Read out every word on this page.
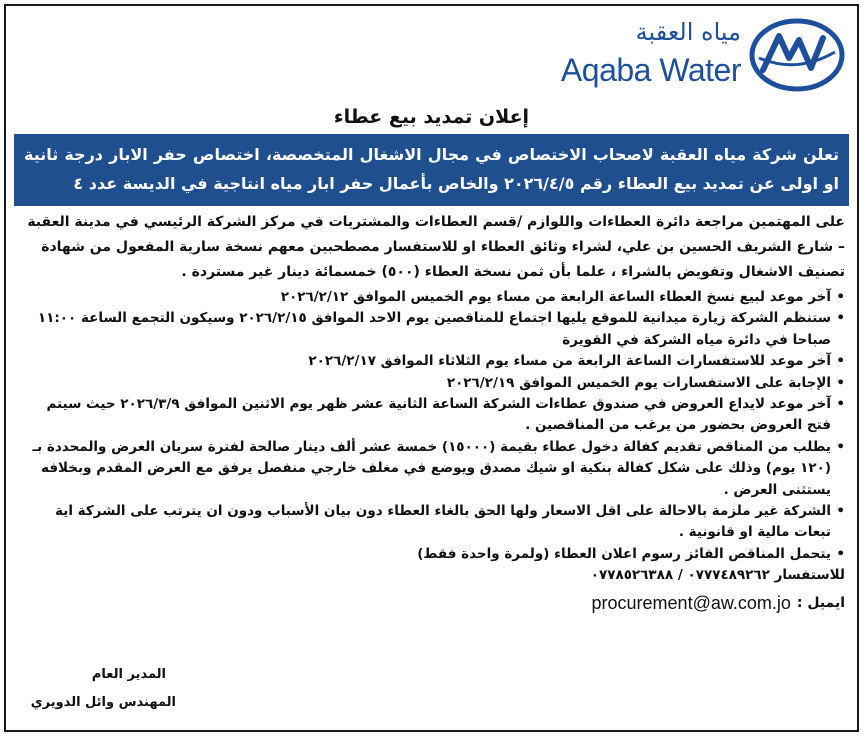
مياه العقبة
Aqaba Water
إعلان تمديد بيع عطاء
تعلن شركة مياه العقبة لاصحاب الاختصاص في مجال الاشغال المتخصصة، اختصاص حفر الابار درجة ثانية او اولى عن تمديد بيع العطاء رقم ٢٠٢٦/٤/٥ والخاص بأعمال حفر ابار مياه انتاجية في الديسة عدد ٤
على المهتمين مراجعة دائرة العطاءات واللوازم /قسم العطاءات والمشتريات في مركز الشركة الرئيسي في مدينة العقبة – شارع الشريف الحسين بن علي، لشراء وثائق العطاء او للاستفسار مصطحبين معهم نسخة سارية المفعول من شهادة تصنيف الاشغال وتفويض بالشراء ، علما بأن ثمن نسخة العطاء (٥٠٠) خمسمائة دينار غير مستردة .
• آخر موعد لبيع نسخ العطاء الساعة الرابعة من مساء يوم الخميس الموافق ٢٠٢٦/٢/١٢
• ستنظم الشركة زيارة ميدانية للموقع يليها اجتماع للمناقصين يوم الاحد الموافق ٢٠٢٦/٢/١٥ وسيكون التجمع الساعة ١١:٠٠ صباحا في دائرة مياه الشركة في القويرة
• آخر موعد للاستفسارات الساعة الرابعة من مساء يوم الثلاثاء الموافق ٢٠٢٦/٢/١٧
• الإجابة على الاستفسارات يوم الخميس الموافق ٢٠٢٦/٢/١٩
• آخر موعد لايداع العروض في صندوق عطاءات الشركة الساعة الثانية عشر ظهر يوم الاثنين الموافق ٢٠٢٦/٣/٩ حيث سيتم فتح العروض بحضور من يرغب من المناقصين .
• يطلب من المناقص تقديم كفالة دخول عطاء بقيمة (١٥٠٠٠) خمسة عشر ألف دينار صالحة لفترة سريان العرض والمحددة بـ (١٢٠ يوم) وذلك على شكل كفالة بنكية او شيك مصدق ويوضع في مغلف خارجي منفصل يرفق مع العرض المقدم وبخلافه يستثنى العرض .
• الشركة غير ملزمة بالاحالة على اقل الاسعار ولها الحق بالغاء العطاء دون بيان الأسباب ودون ان يترتب على الشركة اية تبعات مالية او قانونية .
• يتحمل المناقص الفائز رسوم اعلان العطاء (ولمرة واحدة فقط)
للاستفسار ٠٧٧٧٤٨٩٢٦٢ / ٠٧٧٨٥٢٦٣٨٨
ايميل :
procurement@aw.com.jo
المدير العام
المهندس وائل الدويري
